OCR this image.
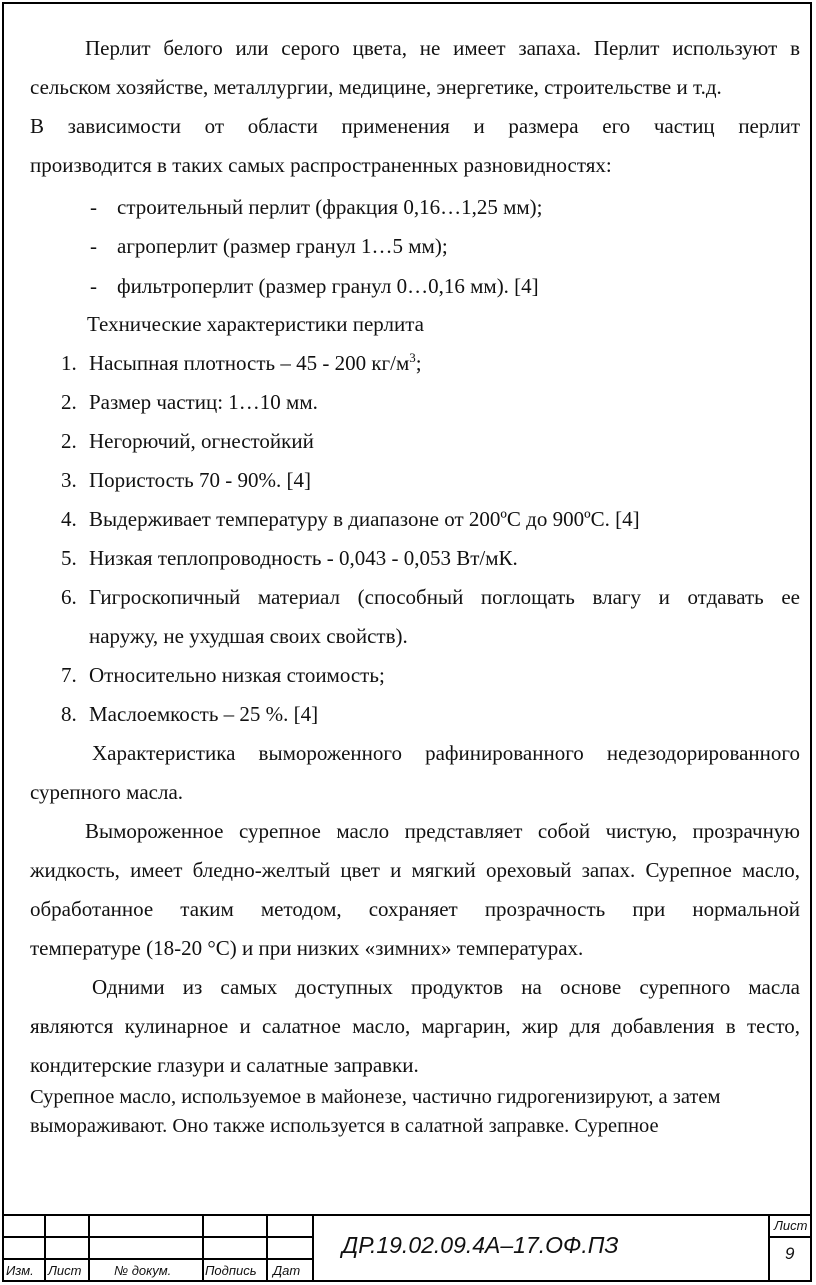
Перлит белого или серого цвета, не имеет запаха. Перлит используют в
сельском хозяйстве, металлургии, медицине, энергетике, строительстве и т.д.
В зависимости от области применения и размера его частиц перлит
производится в таких самых распространенных разновидностях:
- строительный перлит (фракция 0,16…1,25 мм);
- агроперлит (размер гранул 1…5 мм);
- фильтроперлит (размер гранул 0…0,16 мм). [4]
Технические характеристики перлита
1. Насыпная плотность – 45 - 200 $кг/м^3$;
2. Размер частиц: 1…10 мм.
2. Негорючий, огнестойкий
3. Пористость 70 - 90%. [4]
4. Выдерживает температуру в диапазоне от 200ºC до 900ºC. [4]
5. Низкая теплопроводность - 0,043 - 0,053 Вт/мК.
6. Гигроскопичный материал (способный поглощать влагу и отдавать ее
наружу, не ухудшая своих свойств).
7. Относительно низкая стоимость;
8. Маслоемкость – 25 %. [4]
Характеристика вымороженного рафинированного недезодорированного
сурепного масла.
Вымороженное сурепное масло представляет собой чистую, прозрачную
жидкость, имеет бледно-желтый цвет и мягкий ореховый запах. Сурепное масло,
обработанное таким методом, сохраняет прозрачность при нормальной
температуре (18-20 °C) и при низких «зимних» температурах.
Одними из самых доступных продуктов на основе сурепного масла
являются кулинарное и салатное масло, маргарин, жир для добавления в тесто,
кондитерские глазури и салатные заправки.
Сурепное масло, используемое в майонезе, частично гидрогенизируют, а затем
вымораживают. Оно также используется в салатной заправке. Сурепное
Изм. Лист	№ докум.	Подпись Дат
ДР.19.02.09.4А–17.ОФ.ПЗ
Лист
9
